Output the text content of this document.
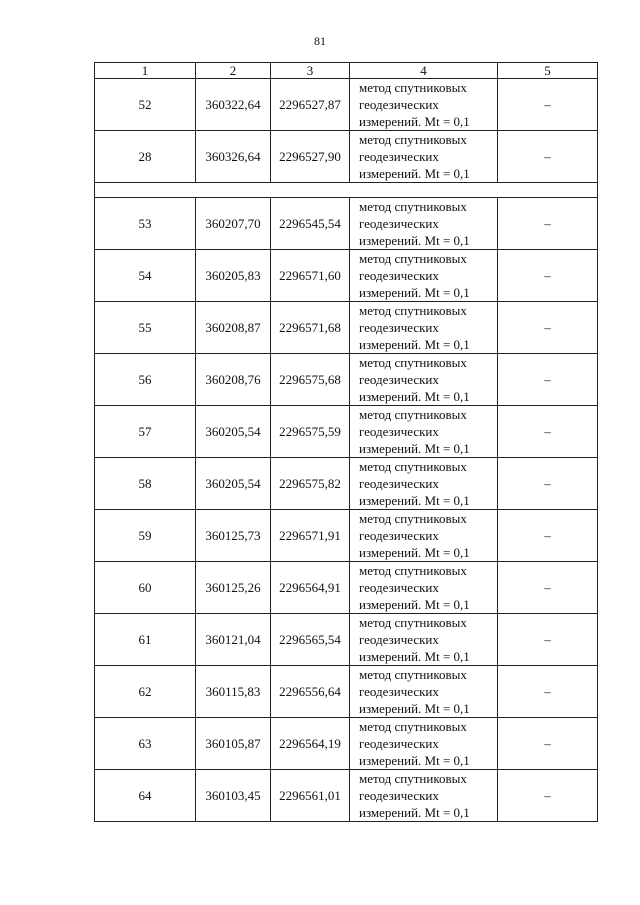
81
1	2	3	4	5
52	360322,64	2296527,87	метод спутниковых
геодезических
измерений. Mt = 0,1	–
28	360326,64	2296527,90	метод спутниковых
геодезических
измерений. Mt = 0,1	–

53	360207,70	2296545,54	метод спутниковых
геодезических
измерений. Mt = 0,1	–
54	360205,83	2296571,60	метод спутниковых
геодезических
измерений. Mt = 0,1	–
55	360208,87	2296571,68	метод спутниковых
геодезических
измерений. Mt = 0,1	–
56	360208,76	2296575,68	метод спутниковых
геодезических
измерений. Mt = 0,1	–
57	360205,54	2296575,59	метод спутниковых
геодезических
измерений. Mt = 0,1	–
58	360205,54	2296575,82	метод спутниковых
геодезических
измерений. Mt = 0,1	–
59	360125,73	2296571,91	метод спутниковых
геодезических
измерений. Mt = 0,1	–
60	360125,26	2296564,91	метод спутниковых
геодезических
измерений. Mt = 0,1	–
61	360121,04	2296565,54	метод спутниковых
геодезических
измерений. Mt = 0,1	–
62	360115,83	2296556,64	метод спутниковых
геодезических
измерений. Mt = 0,1	–
63	360105,87	2296564,19	метод спутниковых
геодезических
измерений. Mt = 0,1	–
64	360103,45	2296561,01	метод спутниковых
геодезических
измерений. Mt = 0,1	–
